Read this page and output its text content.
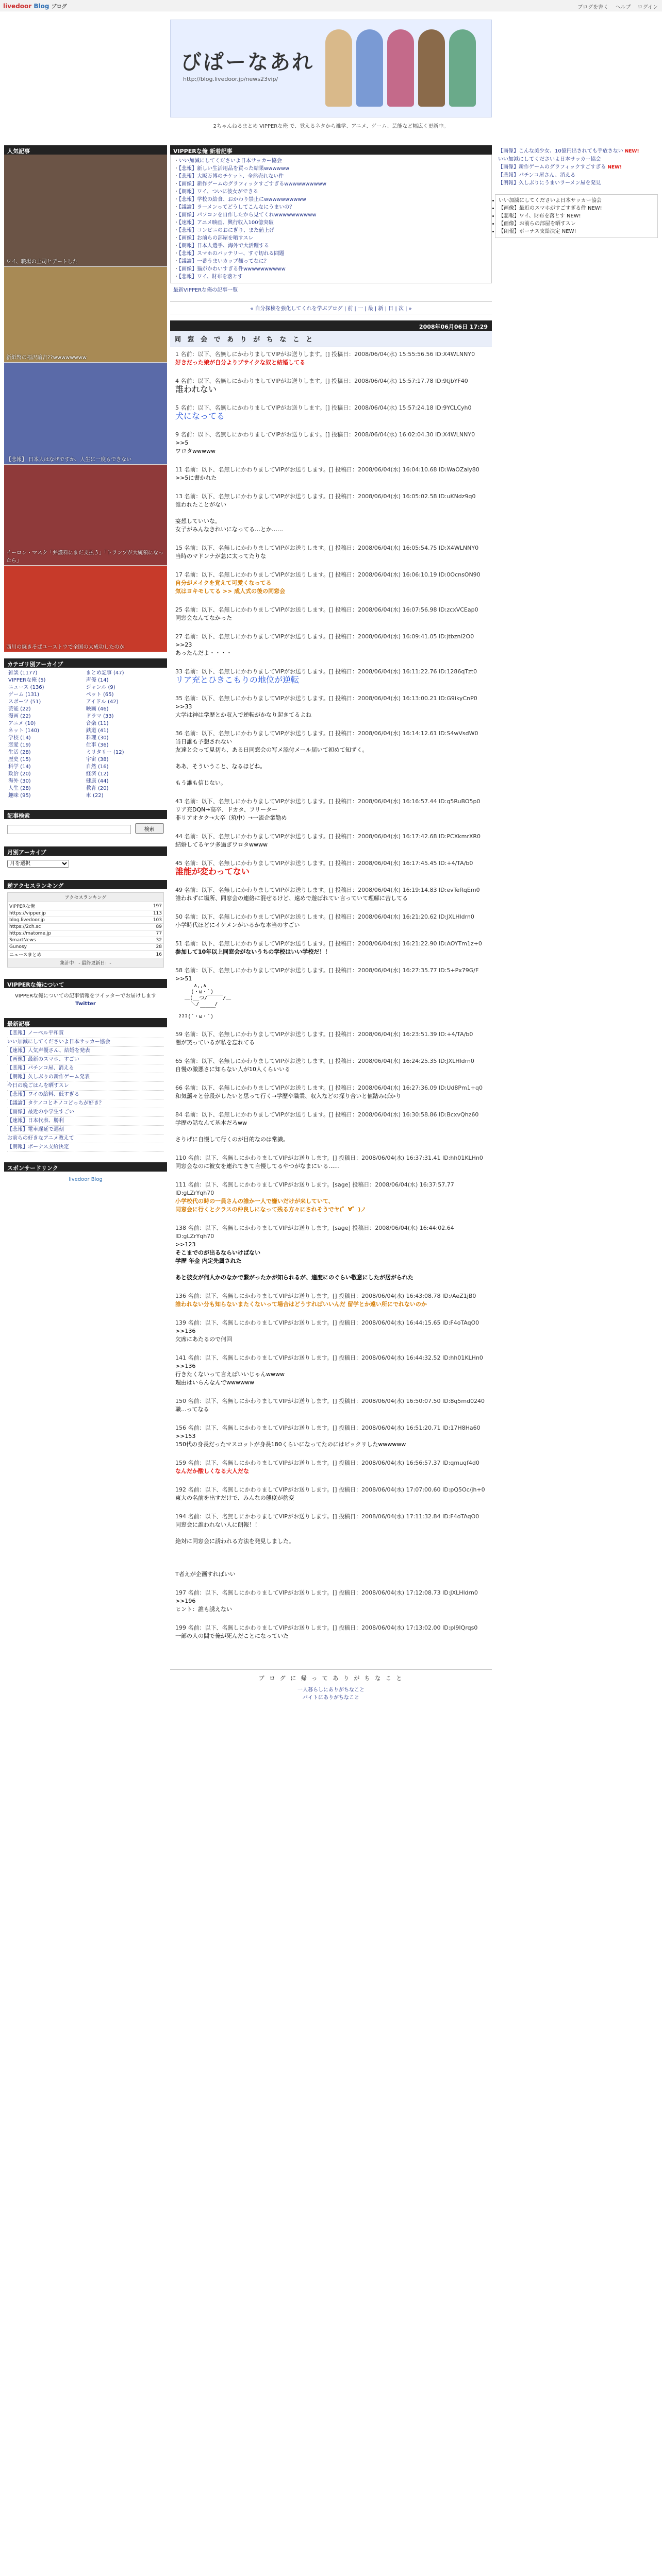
livedoor Blog ブログ	ブログを書く ヘルプ ログイン
びぱーなあれ
http://blog.livedoor.jp/news23vip/
2ちゃんねるまとめ VIPPERな俺 で、覚えるネタから雑学、アニメ、ゲーム、芸能など幅広く更新中。
人気記事
ワイ、職場の上司とデートした
新紙幣の福沢諭吉??wwwwwwww
【悲報】 日本人はなぜですか、人生に一度もできない
イーロン・マスク「弁護料にまだ支払う」「トランプが大統領になったら」
西川の焼きそばユーストウで全国の大成功したのか
カテゴリ別アーカイブ
雑談 (1177)	まとめ記事 (47)
VIPPERな俺 (5)	声優 (14)
ニュース (136)	ジャンル (9)
ゲーム (131)	ペット (65)
スポーツ (51)	アイドル (42)
芸能 (22)	映画 (46)
漫画 (22)	ドラマ (33)
アニメ (10)	音楽 (11)
ネット (140)	鉄道 (41)
学校 (14)	料理 (30)
恋愛 (19)	仕事 (36)
生活 (28)	ミリタリー (12)
歴史 (15)	宇宙 (38)
科学 (14)	自然 (16)
政治 (20)	経済 (12)
海外 (30)	健康 (44)
人生 (28)	教育 (20)
趣味 (95)	車 (22)
記事検索
検索
月別アーカイブ
月を選択
逆アクセスランキング
アクセスランキング
VIPPERな俺	197
https://vipper.jp	113
blog.livedoor.jp	103
https://2ch.sc	89
https://matome.jp	77
SmartNews	32
Gunosy	28
ニュースまとめ	16
集計中：- 最終更新日：-
VIPPERな俺について
VIPPERな俺についての記事情報をツイッターでお届けします
Twitter
最新記事
【悲報】ノーベル平和賞
いい加減にしてくださいよ日本サッカー協会
【速報】人気声優さん、結婚を発表
【画像】最新のスマホ、すごい
【悲報】パチンコ屋、消える
【朗報】久しぶりの新作ゲーム発表
今日の晩ごはんを晒すスレ
【悲報】ワイの給料、低すぎる
【議論】タケノコとキノコどっちが好き？
【画像】最近の小学生すごい
【速報】日本代表、勝利
【悲報】電車遅延で遅刻
お前らの好きなアニメ教えて
【朗報】ボーナス支給決定
スポンサードリンク
livedoor Blog
VIPPERな俺 新着記事
・ いい加減にしてくださいよ日本サッカー協会
・ 【悲報】新しい生活用品を買った結果wwwwww
・ 【悲報】大阪万博のチケット、全然売れない件
・ 【画像】新作ゲームのグラフィックすごすぎるwwwwwwwwww
・ 【朗報】ワイ、ついに彼女ができる
・ 【悲報】学校の給食、おかわり禁止にwwwwwwwwww
・ 【議論】ラーメンってどうしてこんなにうまいの？
・ 【画像】パソコンを自作したから見てくれwwwwwwwwww
・ 【速報】アニメ映画、興行収入100億突破
・ 【悲報】コンビニのおにぎり、また値上げ
・ 【画像】お前らの部屋を晒すスレ
・ 【朗報】日本人選手、海外で大活躍する
・ 【悲報】スマホのバッテリー、すぐ切れる問題
・ 【議論】一番うまいカップ麺ってなに？
・ 【画像】猫がかわいすぎる件wwwwwwwwww
・ 【悲報】ワイ、財布を落とす
最新VIPPERな俺の記事一覧
« 自分探検を強化してくれを学ぶブログ | 前 | 一 | 最 | 新 | 日 | 次 | »
2008年06月06日 17:29
同 窓 会 で あ り が ち な こ と
1 名前：以下、名無しにかわりましてVIPがお送りします。[] 投稿日：2008/06/04(水) 15:55:56.56 ID:X4WLNNY0
好きだった娘が自分よりブサイクな奴と結婚してる
4 名前：以下、名無しにかわりましてVIPがお送りします。[] 投稿日：2008/06/04(水) 15:57:17.78 ID:9tjbYF40
誰われない
5 名前：以下、名無しにかわりましてVIPがお送りします。[] 投稿日：2008/06/04(水) 15:57:24.18 ID:9YCLCyh0
犬になってる
9 名前：以下、名無しにかわりましてVIPがお送りします。[] 投稿日：2008/06/04(水) 16:02:04.30 ID:X4WLNNY0
>>5
ワロタwwwww
11 名前：以下、名無しにかわりましてVIPがお送りします。[] 投稿日：2008/06/04(水) 16:04:10.68 ID:WaOZaly80
>>5に書かれた
13 名前：以下、名無しにかわりましてVIPがお送りします。[] 投稿日：2008/06/04(水) 16:05:02.58 ID:uKNdz9q0
誰われたことがない

宴想していいな。
女子がみんなきれいになってる…とか……
15 名前：以下、名無しにかわりましてVIPがお送りします。[] 投稿日：2008/06/04(水) 16:05:54.75 ID:X4WLNNY0
当時のマドンナが急に太ってたりな
17 名前：以下、名無しにかわりましてVIPがお送りします。[] 投稿日：2008/06/04(水) 16:06:10.19 ID:0OcnsON90
自分がメイクを覚えて可愛くなってる
気はヨキモしてる >> 成人式の後の同窓会
25 名前：以下、名無しにかわりましてVIPがお送りします。[] 投稿日：2008/06/04(水) 16:07:56.98 ID:zcxVCEap0
同窓会なんてなかった
27 名前：以下、名無しにかわりましてVIPがお送りします。[] 投稿日：2008/06/04(水) 16:09:41.05 ID:jtbznl2O0
>>23
あったんだよ・・・・
33 名前：以下、名無しにかわりましてVIPがお送りします。[] 投稿日：2008/06/04(水) 16:11:22.76 ID:1286qTzt0
リア充とひきこもりの地位が逆転
35 名前：以下、名無しにかわりましてVIPがお送りします。[] 投稿日：2008/06/04(水) 16:13:00.21 ID:G9ikyCnP0
>>33
大学は神は学歴とか収入で逆転がかなり起きてるよね
36 名前：以下、名無しにかわりましてVIPがお送りします。[] 投稿日：2008/06/04(水) 16:14:12.61 ID:S4wVsdW0
当日誰も予想されない
友達と会って見切ら、ある日同窓会の写メ添付メール届いて初めて知ずく。

ああ、そういうこと、なるほどね。

もう誰も信じない。
43 名前：以下、名無しにかわりましてVIPがお送りします。[] 投稿日：2008/06/04(水) 16:16:57.44 ID:g5RuBO5p0
リア充DQN→高卒、ドカタ、フリーター
非リアオタク→大卒（筑中）→一流企業勤め
44 名前：以下、名無しにかわりましてVIPがお送りします。[] 投稿日：2008/06/04(水) 16:17:42.68 ID:PCXkmrXR0
結婚してるヤツ多過ぎワロタwwww
45 名前：以下、名無しにかわりましてVIPがお送りします。[] 投稿日：2008/06/04(水) 16:17:45.45 ID:+4/TA/b0
誰能が変わってない
49 名前：以下、名無しにかわりましてVIPがお送りします。[] 投稿日：2008/06/04(水) 16:19:14.83 ID:evTeRqEm0
誰われずに場所、同窓会の連絡に混ぜるけど、遠めで遊ばれてい言っていて理解に苦してる
50 名前：以下、名無しにかわりましてVIPがお送りします。[] 投稿日：2008/06/04(水) 16:21:20.62 ID:JXLHldrn0
小学時代ほどにイケメンがいるかな本当のすごい
51 名前：以下、名無しにかわりましてVIPがお送りします。[] 投稿日：2008/06/04(水) 16:21:22.90 ID:AOYTm1z+0
参加して10年以上同窓会がないうちの学校はいい学校だ！！
58 名前：以下、名無しにかわりましてVIPがお送りします。[] 投稿日：2008/06/04(水) 16:27:35.77 ID:5+Px79G/F
>>51
∧,,∧
(・ω・`)
＿(__つ/￣￣￣/＿
＼/     /
￣￣￣
???(´・ω・`)
59 名前：以下、名無しにかわりましてVIPがお送りします。[] 投稿日：2008/06/04(水) 16:23:51.39 ID:+4/TA/b0
闇が笑っているが私を忘れてる
65 名前：以下、名無しにかわりましてVIPがお送りします。[] 投稿日：2008/06/04(水) 16:24:25.35 ID:JXLHldrn0
自慢の激悪さに知らない人が10人くらいいる
66 名前：以下、名無しにかわりましてVIPがお送りします。[] 投稿日：2008/06/04(水) 16:27:36.09 ID:Ud8Pm1+q0
和気藹々と普段がしたいと思って行く→学歴や職業、収入などの探り合いと値踏みばかり
84 名前：以下、名無しにかわりましてVIPがお送りします。[] 投稿日：2008/06/04(水) 16:30:58.86 ID:BcxvQhz60
学歴の話なんて基本だろww

さりげに自慢して行くのが目的なのは常識。
110 名前：以下、名無しにかわりましてVIPがお送りします。[] 投稿日：2008/06/04(水) 16:37:31.41 ID:hh01KLHn0
同窓会なのに彼女を連れてきて自慢してるやつがなまにいる……
111 名前：以下、名無しにかわりましてVIPがお送りします。[sage] 投稿日：2008/06/04(水) 16:37:57.77 ID:gLZrYqh70
小学校代の時の一員さんの誰か一人で嫌いだけが来していて、
同窓会に行くとクラスの仲良しになって残る方々にされそうでヤ(゜∀゜)ノ
138 名前：以下、名無しにかわりましてVIPがお送りします。[sage] 投稿日：2008/06/04(水) 16:44:02.64 ID:gLZrYqh70
>>123
そこまでのが出るならいけばない
学歴 年金 内定先属された

あと彼女が何人かのなかで繋がったかが知られるが、適度にのぐらい敬意にしたが居がられた
136 名前：以下、名無しにかわりましてVIPがお送りします。[] 投稿日：2008/06/04(水) 16:43:08.78 ID:/AeZ1jB0
誰われない分も知らないまたくないって場合はどうすればいいんだ 留学とか遠い所にでれないのか
139 名前：以下、名無しにかわりましてVIPがお送りします。[] 投稿日：2008/06/04(水) 16:44:15.65 ID:F4oTAqO0
>>136
欠席にあたるので何回
141 名前：以下、名無しにかわりましてVIPがお送りします。[] 投稿日：2008/06/04(水) 16:44:32.52 ID:hh01KLHn0
>>136
行きたくないって言えばいいじゃんwwww
理由はいらんなんでwwwwww
150 名前：以下、名無しにかわりましてVIPがお送りします。[] 投稿日：2008/06/04(水) 16:50:07.50 ID:8q5md0240
職...ってなる
156 名前：以下、名無しにかわりましてVIPがお送りします。[] 投稿日：2008/06/04(水) 16:51:20.71 ID:17H8Ha60
>>153
150代の身長だったマスコットが身長180くらいになってたのにはビックリしたwwwwww
159 名前：以下、名無しにかわりましてVIPがお送りします。[] 投稿日：2008/06/04(水) 16:56:57.37 ID:qmuqf4d0
なんだか酸しくなる大人だな
192 名前：以下、名無しにかわりましてVIPがお送りします。[] 投稿日：2008/06/04(水) 17:07:00.60 ID:pQ5Oc/jh+0
東大の名前を出すだけで、みんなの態度が豹変
194 名前：以下、名無しにかわりましてVIPがお送りします。[] 投稿日：2008/06/04(水) 17:11:32.84 ID:F4oTAqO0
同窓会に誰われない人に朗報！！

絶対に同窓会に誘われる方法を発見しました。

T者えが企画すればいい
197 名前：以下、名無しにかわりましてVIPがお送りします。[] 投稿日：2008/06/04(水) 17:12:08.73 ID:JXLHldrn0
>>196
ヒント：誰も誘えない
199 名前：以下、名無しにかわりましてVIPがお送りします。[] 投稿日：2008/06/04(水) 17:13:02.00 ID:pl9IQrqs0
一部の人の間で俺が死んだことになっていた
ブ ロ グ に 帰 っ て あ り が ち な こ と
一人暮らしにありがちなこと
バイトにありがちなこと
【画像】こんな美少女、10億円出されても手放さない NEW!
いい加減にしてくださいよ日本サッカー協会
【画像】新作ゲームのグラフィックすごすぎる NEW!
【悲報】パチンコ屋さん、消える
【朗報】久しぶりにうまいラーメン屋を発見
• いい加減にしてくださいよ日本サッカー協会
• 【画像】最近のスマホがすごすぎる件 NEW!
• 【悲報】ワイ、財布を落とす NEW!
• 【画像】お前らの部屋を晒すスレ
• 【朗報】ボーナス支給決定 NEW!
